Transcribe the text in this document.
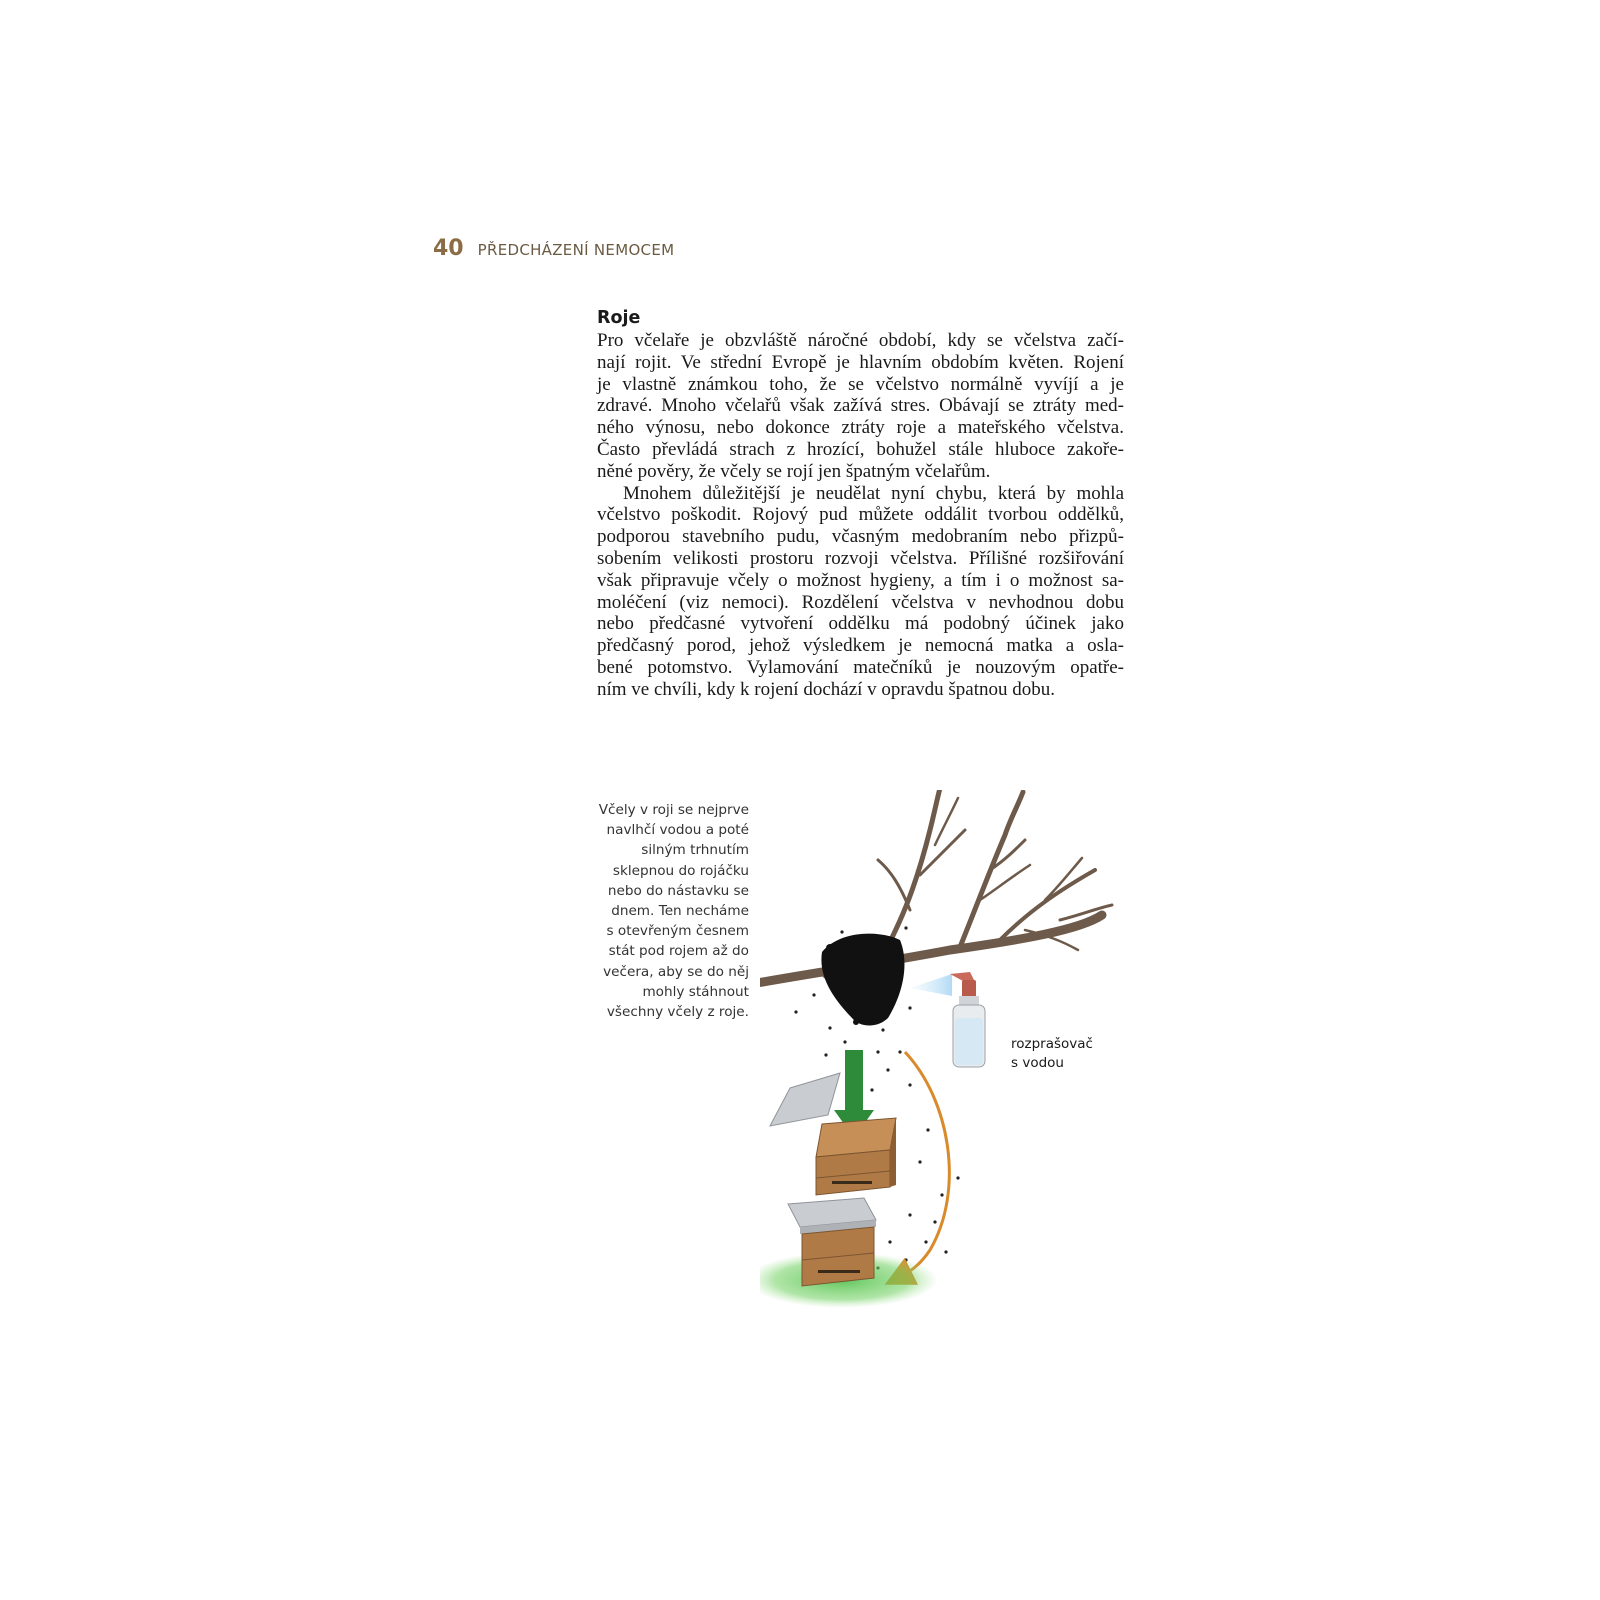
40 PŘEDCHÁZENÍ NEMOCEM
Roje
Pro včelaře je obzvláště náročné období, kdy se včelstva začí-
nají rojit. Ve střední Evropě je hlavním obdobím květen. Rojení
je vlastně známkou toho, že se včelstvo normálně vyvíjí a je
zdravé. Mnoho včelařů však zažívá stres. Obávají se ztráty med-
ného výnosu, nebo dokonce ztráty roje a mateřského včelstva.
Často převládá strach z hrozící, bohužel stále hluboce zakoře-
něné pověry, že včely se rojí jen špatným včelařům.
Mnohem důležitější je neudělat nyní chybu, která by mohla
včelstvo poškodit. Rojový pud můžete oddálit tvorbou oddělků,
podporou stavebního pudu, včasným medobraním nebo přizpů-
sobením velikosti prostoru rozvoji včelstva. Přílišné rozšiřování
však připravuje včely o možnost hygieny, a tím i o možnost sa-
moléčení (viz nemoci). Rozdělení včelstva v nevhodnou dobu
nebo předčasné vytvoření oddělku má podobný účinek jako
předčasný porod, jehož výsledkem je nemocná matka a osla-
bené potomstvo. Vylamování matečníků je nouzovým opatře-
ním ve chvíli, kdy k rojení dochází v opravdu špatnou dobu.
Včely v roji se nejprve
navlhčí vodou a poté
silným trhnutím
sklepnou do rojáčku
nebo do nástavku se
dnem. Ten necháme
s otevřeným česnem
stát pod rojem až do
večera, aby se do něj
mohly stáhnout
všechny včely z roje.
rozprašovač
s vodou
